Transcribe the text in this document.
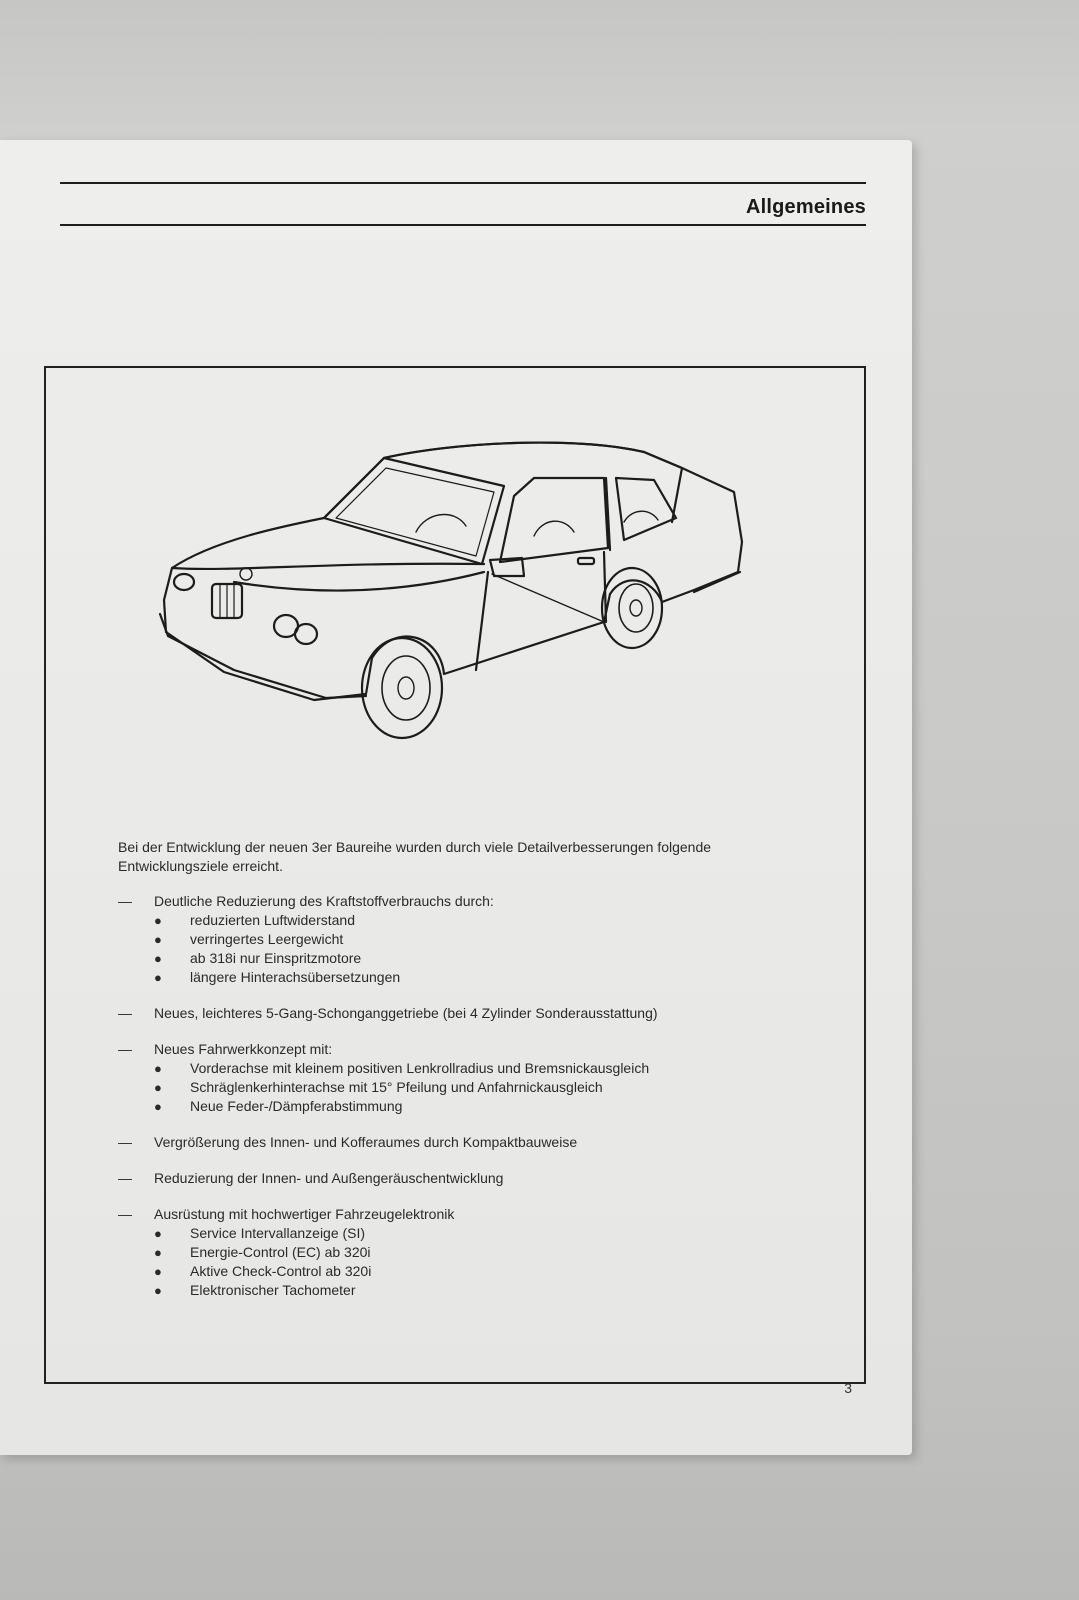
Allgemeines

Bei der Entwicklung der neuen 3er Baureihe wurden durch viele Detailverbesserungen folgende Entwicklungsziele erreicht.

—	Deutliche Reduzierung des Kraftstoffverbrauchs durch:
●	reduzierten Luftwiderstand
●	verringertes Leergewicht
●	ab 318i nur Einspritzmotore
●	längere Hinterachsübersetzungen
—	Neues, leichteres 5-Gang-Schonganggetriebe (bei 4 Zylinder Sonderausstattung)
—	Neues Fahrwerkkonzept mit:
●	Vorderachse mit kleinem positiven Lenkrollradius und Bremsnickausgleich
●	Schräglenkerhinterachse mit 15° Pfeilung und Anfahrnickausgleich
●	Neue Feder-/Dämpferabstimmung
—	Vergrößerung des Innen- und Kofferaumes durch Kompaktbauweise
—	Reduzierung der Innen- und Außengeräuschentwicklung
—	Ausrüstung mit hochwertiger Fahrzeugelektronik
●	Service Intervallanzeige (SI)
●	Energie-Control (EC) ab 320i
●	Aktive Check-Control ab 320i
●	Elektronischer Tachometer
3
